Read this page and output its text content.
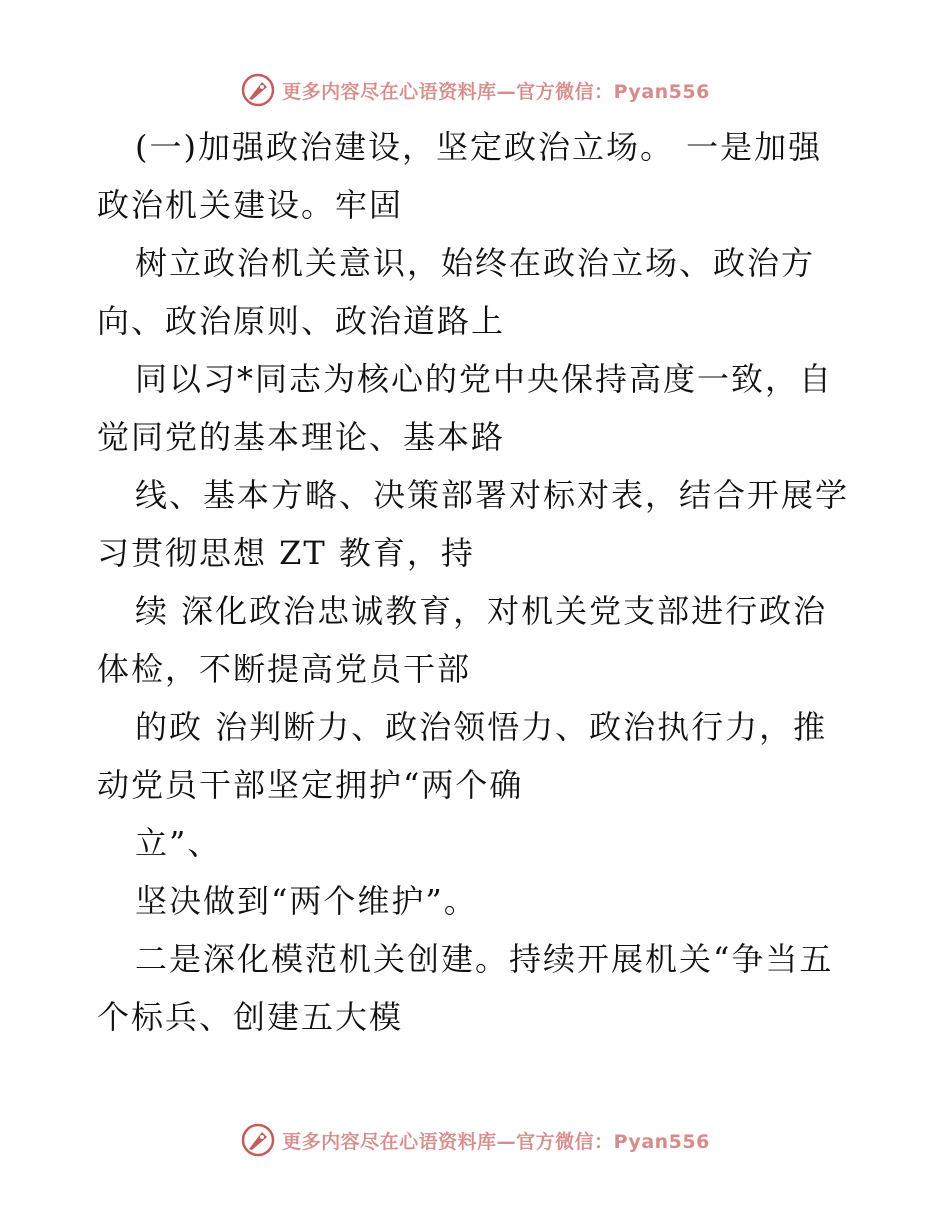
更多内容尽在心语资料库—官方微信：Pyan556
(一)加强政治建设，坚定政治立场。 一是加强
政治机关建设。牢固
树立政治机关意识，始终在政治立场、政治方
向、政治原则、政治道路上
同以习*同志为核心的党中央保持高度一致，自
觉同党的基本理论、基本路
线、基本方略、决策部署对标对表，结合开展学
习贯彻思想 ZT 教育，持
续 深化政治忠诚教育，对机关党支部进行政治
体检，不断提高党员干部
的政 治判断力、政治领悟力、政治执行力，推
动党员干部坚定拥护“两个确
立”、
坚决做到“两个维护”。
二是深化模范机关创建。持续开展机关“争当五
个标兵、创建五大模
更多内容尽在心语资料库—官方微信：Pyan556
